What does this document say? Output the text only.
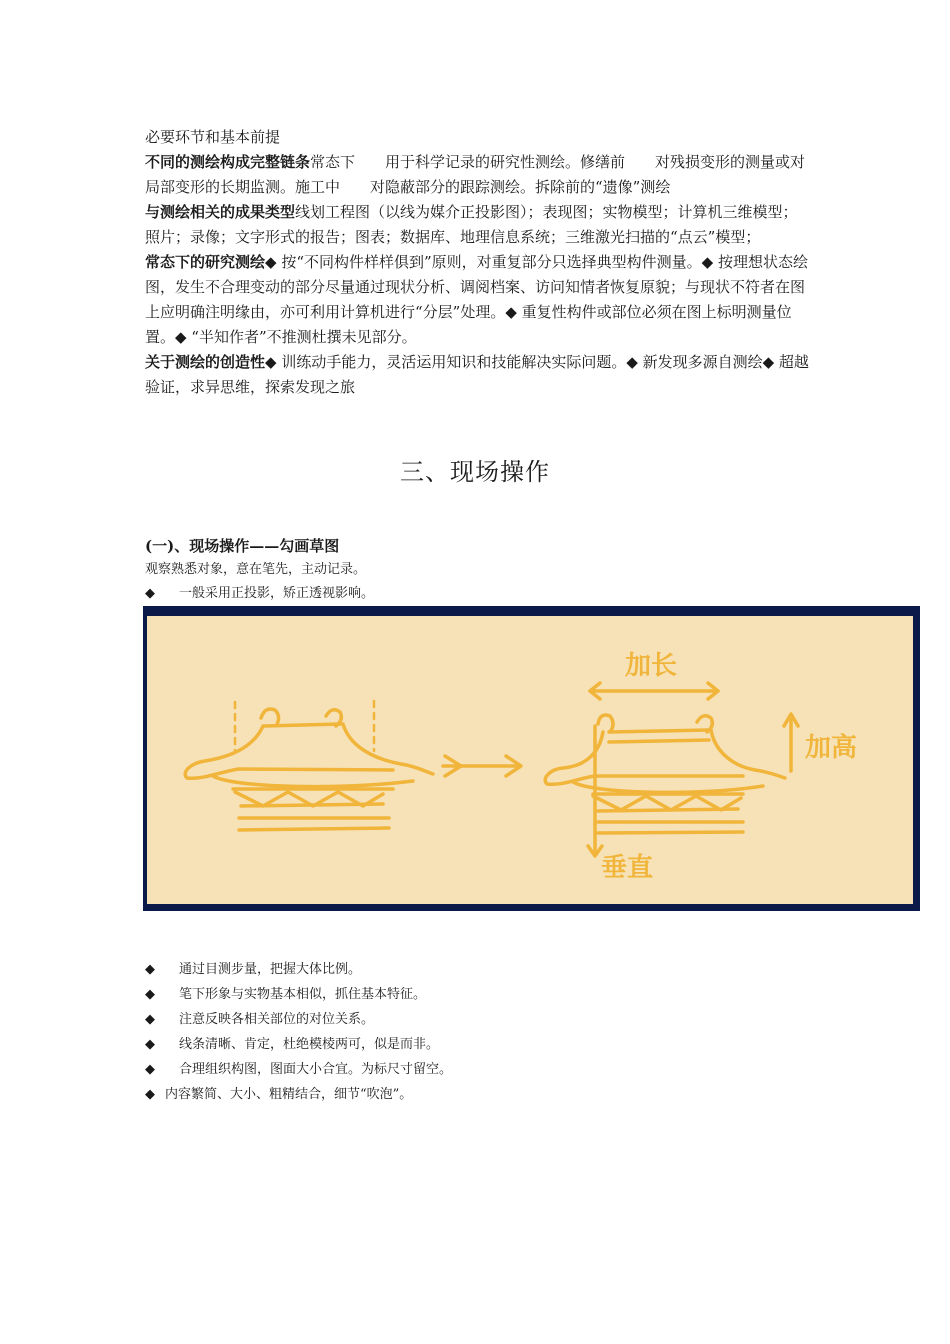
必要环节和基本前提

不同的测绘构成完整链条常态下　　用于科学记录的研究性测绘。修缮前　　对残损变形的测量或对局部变形的长期监测。施工中　　对隐蔽部分的跟踪测绘。拆除前的“遗像”测绘

与测绘相关的成果类型线划工程图（以线为媒介正投影图）；表现图；实物模型；计算机三维模型；照片；录像；文字形式的报告；图表；数据库、地理信息系统；三维激光扫描的“点云”模型；

常态下的研究测绘◆ 按“不同构件样样俱到”原则，对重复部分只选择典型构件测量。◆ 按理想状态绘图，发生不合理变动的部分尽量通过现状分析、调阅档案、访问知情者恢复原貌；与现状不符者在图上应明确注明缘由，亦可利用计算机进行“分层”处理。◆ 重复性构件或部位必须在图上标明测量位置。◆ “半知作者”不推测杜撰未见部分。

关于测绘的创造性◆ 训练动手能力，灵活运用知识和技能解决实际问题。◆ 新发现多源自测绘◆ 超越验证，求异思维，探索发现之旅

三、现场操作
(一)、现场操作——勾画草图
观察熟悉对象，意在笔先，主动记录。
◆ 一般采用正投影，矫正透视影响。
加长
加高
垂直
◆ 通过目测步量，把握大体比例。
◆ 笔下形象与实物基本相似，抓住基本特征。
◆ 注意反映各相关部位的对位关系。
◆ 线条清晰、肯定，杜绝模棱两可，似是而非。
◆ 合理组织构图，图面大小合宜。为标尺寸留空。
◆ 内容繁简、大小、粗精结合，细节“吹泡”。
